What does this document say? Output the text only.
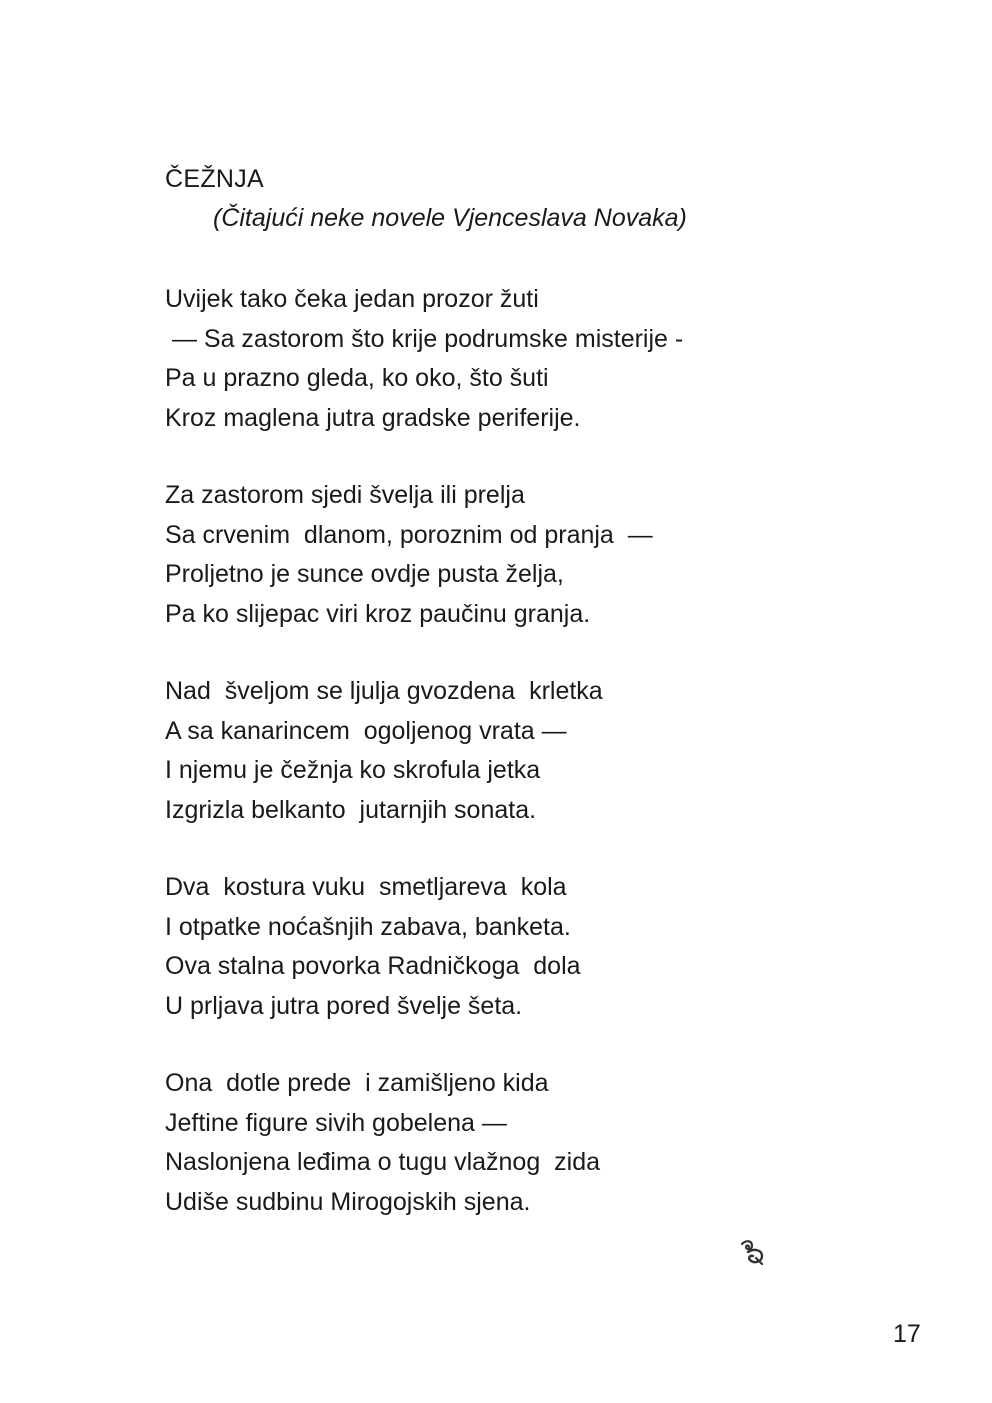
ČEŽNJA
(Čitajući neke novele Vjenceslava Novaka)
Uvijek tako čeka jedan prozor žuti
— Sa zastorom što krije podrumske misterije -
Pa u prazno gleda, ko oko, što šuti
Kroz maglena jutra gradske periferije.
Za zastorom sjedi švelja ili prelja
Sa crvenim  dlanom, poroznim od pranja  —
Proljetno je sunce ovdje pusta želja,
Pa ko slijepac viri kroz paučinu granja.
Nad  šveljom se ljulja gvozdena  krletka
A sa kanarincem  ogoljenog vrata —
I njemu je čežnja ko skrofula jetka
Izgrizla belkanto  jutarnjih sonata.
Dva  kostura vuku  smetljareva  kola
I otpatke noćašnjih zabava, banketa.
Ova stalna povorka Radničkoga  dola
U prljava jutra pored švelje šeta.
Ona  dotle prede  i zamišljeno kida
Jeftine figure sivih gobelena —
Naslonjena leđima o tugu vlažnog  zida
Udiše sudbinu Mirogojskih sjena.
17
